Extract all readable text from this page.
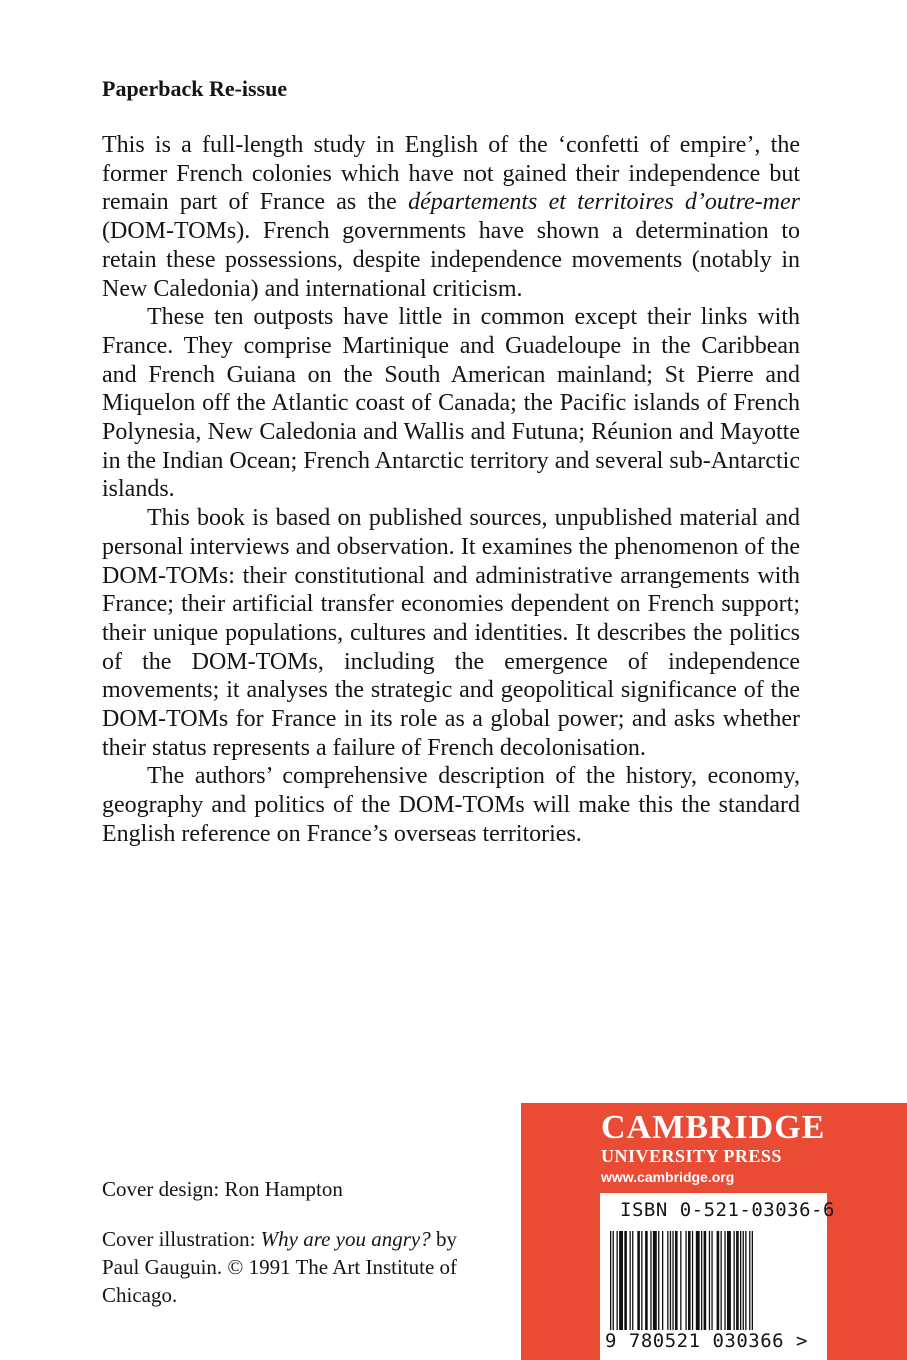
Paperback Re-issue

This is a full-length study in English of the ‘confetti of empire’, the former French colonies which have not gained their independence but remain part of France as the départements et territoires d’outre-mer (DOM-TOMs). French governments have shown a determination to retain these possessions, despite independence movements (notably in New Caledonia) and international criticism.

These ten outposts have little in common except their links with France. They comprise Martinique and Guadeloupe in the Caribbean and French Guiana on the South American mainland; St Pierre and Miquelon off the Atlantic coast of Canada; the Pacific islands of French Polynesia, New Caledonia and Wallis and Futuna; Réunion and Mayotte in the Indian Ocean; French Antarctic territory and several sub-Antarctic islands.

This book is based on published sources, unpublished material and personal interviews and observation. It examines the phenomenon of the DOM-TOMs: their constitutional and administrative arrangements with France; their artificial transfer economies dependent on French support; their unique populations, cultures and identities. It describes the politics of the DOM-TOMs, including the emergence of independence movements; it analyses the strategic and geopolitical significance of the DOM-TOMs for France in its role as a global power; and asks whether their status represents a failure of French decolonisation.

The authors’ comprehensive description of the history, economy, geography and politics of the DOM-TOMs will make this the standard English reference on France’s overseas territories.

Cover design: Ron Hampton

Cover illustration: Why are you angry? by Paul Gauguin. © 1991 The Art Institute of Chicago.

CAMBRIDGE
UNIVERSITY PRESS
www.cambridge.org
ISBN 0-521-03036-6
9 780521 030366 >
